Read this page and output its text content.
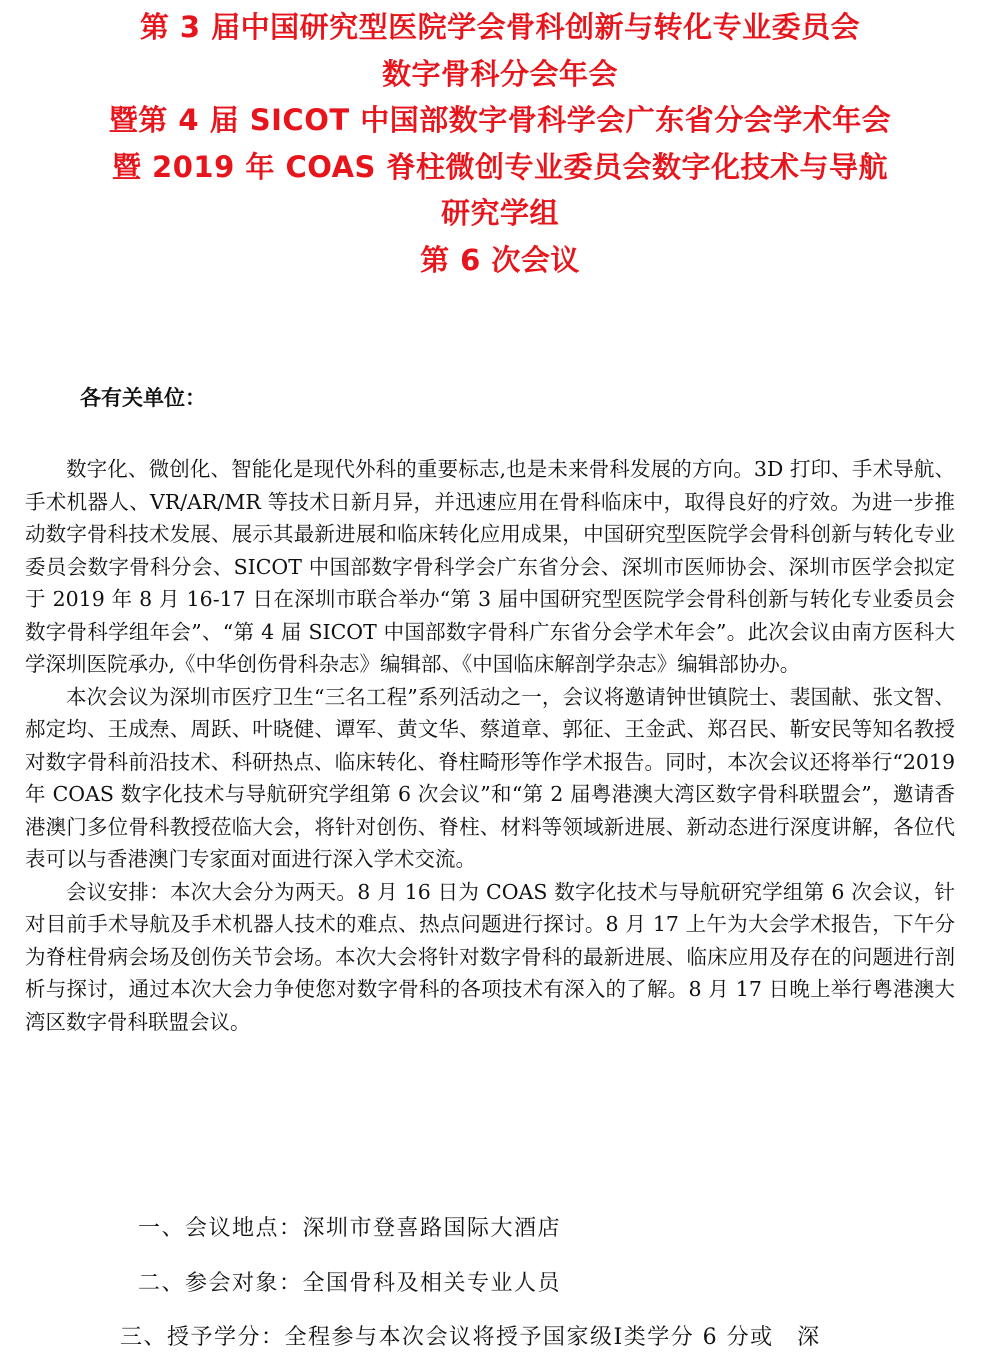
第 3 届中国研究型医院学会骨科创新与转化专业委员会
数字骨科分会年会
暨第 4 届 SICOT 中国部数字骨科学会广东省分会学术年会
暨 2019 年 COAS 脊柱微创专业委员会数字化技术与导航
研究学组
第 6 次会议
各有关单位：

数字化、微创化、智能化是现代外科的重要标志,也是未来骨科发展的方向。3D 打印、手术导航、手术机器人、VR/AR/MR 等技术日新月异，并迅速应用在骨科临床中，取得良好的疗效。为进一步推动数字骨科技术发展、展示其最新进展和临床转化应用成果，中国研究型医院学会骨科创新与转化专业委员会数字骨科分会、SICOT 中国部数字骨科学会广东省分会、深圳市医师协会、深圳市医学会拟定于 2019 年 8 月 16-17 日在深圳市联合举办“第 3 届中国研究型医院学会骨科创新与转化专业委员会数字骨科学组年会”、“第 4 届 SICOT 中国部数字骨科广东省分会学术年会”。此次会议由南方医科大学深圳医院承办,《中华创伤骨科杂志》编辑部、《中国临床解剖学杂志》编辑部协办。

本次会议为深圳市医疗卫生“三名工程”系列活动之一，会议将邀请钟世镇院士、裴国献、张文智、郝定均、王成焘、周跃、叶晓健、谭军、黄文华、蔡道章、郭征、王金武、郑召民、靳安民等知名教授对数字骨科前沿技术、科研热点、临床转化、脊柱畸形等作学术报告。同时，本次会议还将举行“2019 年 COAS 数字化技术与导航研究学组第 6 次会议”和“第 2 届粤港澳大湾区数字骨科联盟会”，邀请香港澳门多位骨科教授莅临大会，将针对创伤、脊柱、材料等领域新进展、新动态进行深度讲解，各位代表可以与香港澳门专家面对面进行深入学术交流。

会议安排：本次大会分为两天。8 月 16 日为 COAS 数字化技术与导航研究学组第 6 次会议，针对目前手术导航及手术机器人技术的难点、热点问题进行探讨。8 月 17 上午为大会学术报告，下午分为脊柱骨病会场及创伤关节会场。本次大会将针对数字骨科的最新进展、临床应用及存在的问题进行剖析与探讨，通过本次大会力争使您对数字骨科的各项技术有深入的了解。8 月 17 日晚上举行粤港澳大湾区数字骨科联盟会议。

一、会议地点：深圳市登喜路国际大酒店
二、参会对象：全国骨科及相关专业人员
三、授予学分：全程参与本次会议将授予国家级Ⅰ类学分 6 分或　深
